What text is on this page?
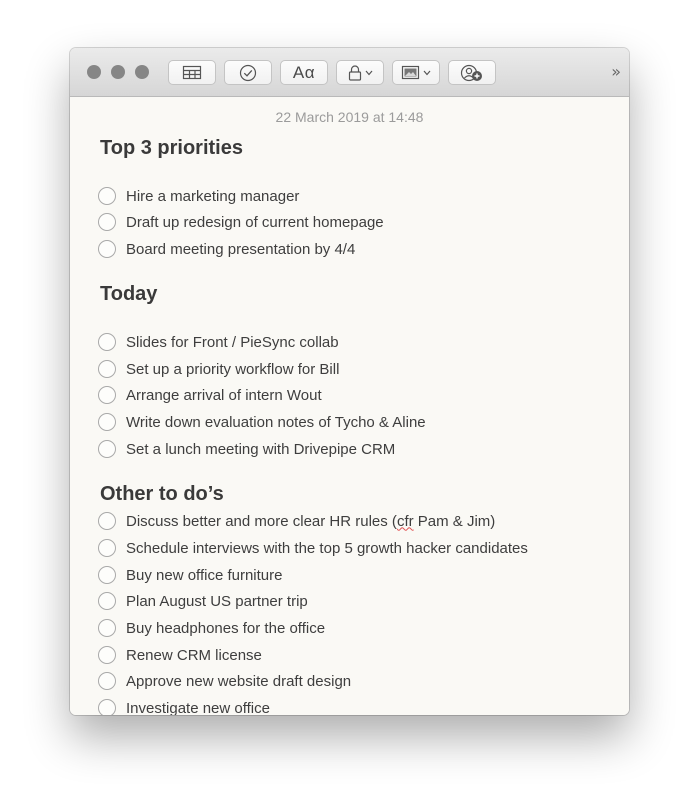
Aα	»
22 March 2019 at 14:48
Top 3 priorities
Hire a marketing manager
Draft up redesign of current homepage
Board meeting presentation by 4/4
Today
Slides for Front / PieSync collab
Set up a priority workflow for Bill
Arrange arrival of intern Wout
Write down evaluation notes of Tycho & Aline
Set a lunch meeting with Drivepipe CRM
Other to do’s
Discuss better and more clear HR rules (cfr Pam & Jim)
Schedule interviews with the top 5 growth hacker candidates
Buy new office furniture
Plan August US partner trip
Buy headphones for the office
Renew CRM license
Approve new website draft design
Investigate new office
